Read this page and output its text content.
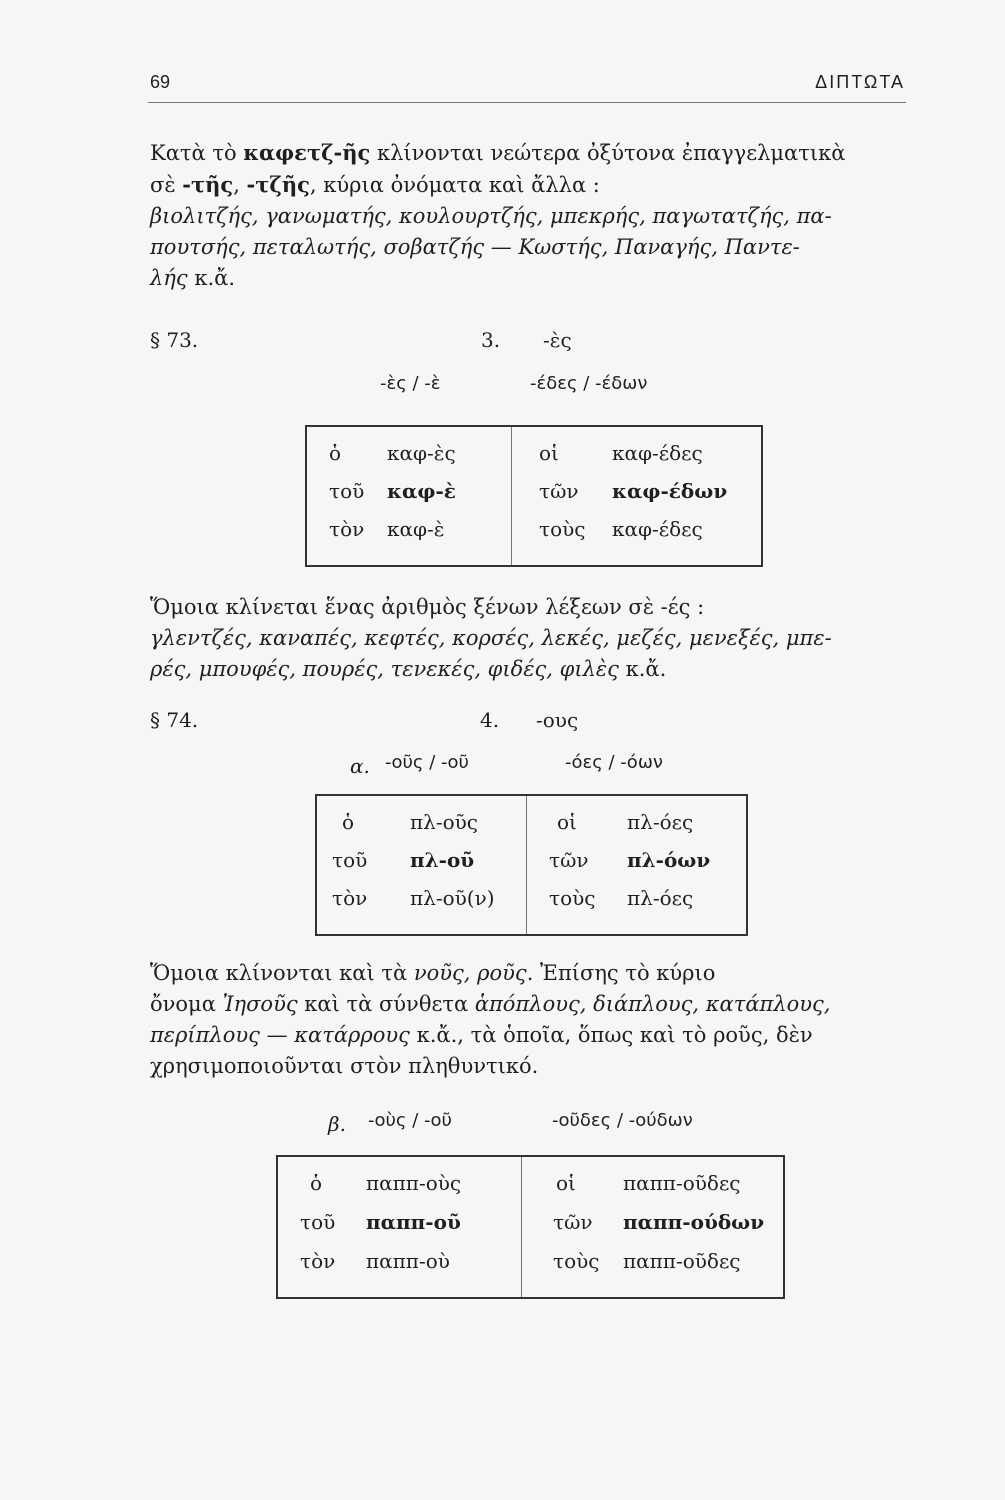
69	ΔΙΠΤΩΤΑ

Κατὰ τὸ καφετζ-ῆς κλίνονται νεώτερα ὀξύτονα ἐπαγγελματικὰ
σὲ -τῆς, -τζῆς, κύρια ὀνόματα καὶ ἄλλα :
βιολιτζής, γανωματής, κουλουρτζής, μπεκρής, παγωτατζής, πα-
πουτσής, πεταλωτής, σοβατζής — Κωστής, Παναγής, Παντε-
λής κ.ἄ.

§ 73.	3. -ὲς
-ὲς / -ὲ	-έδες / -έδων
ὁ καφ-ὲς	οἱ	καφ-έδες
τοῦ καφ-ὲ	τῶν καφ-έδων
τὸν καφ-ὲ	τοὺς καφ-έδες

Ὅμοια κλίνεται ἕνας ἀριθμὸς ξένων λέξεων σὲ -ές :
γλεντζές, καναπές, κεφτές, κορσές, λεκές, μεζές, μενεξές, μπε-
ρές, μπουφές, πουρές, τενεκές, φιδές, φιλὲς κ.ἄ.

§ 74.	4. -ους
α. -οῦς / -οῦ	-όες / -όων
ὁ	πλ-οῦς	οἱ	πλ-όες
τοῦ πλ-οῦ	τῶν πλ-όων
τὸν πλ-οῦ(ν)	τοὺς πλ-όες

Ὅμοια κλίνονται καὶ τὰ νοῦς, ροῦς. Ἐπίσης τὸ κύριο
ὄνομα Ἰησοῦς καὶ τὰ σύνθετα ἁπόπλους, διάπλους, κατάπλους,
περίπλους — κατάρρους κ.ἄ., τὰ ὁποῖα, ὅπως καὶ τὸ ροῦς, δὲν
χρησιμοποιοῦνται στὸν πληθυντικό.

β. -οὺς / -οῦ	-οῦδες / -ούδων
ὁ παππ-οὺς	οἱ παππ-οῦδες
τοῦ παππ-οῦ	τῶν παππ-ούδων
τὸν παππ-οὺ	τοὺς παππ-οῦδες
